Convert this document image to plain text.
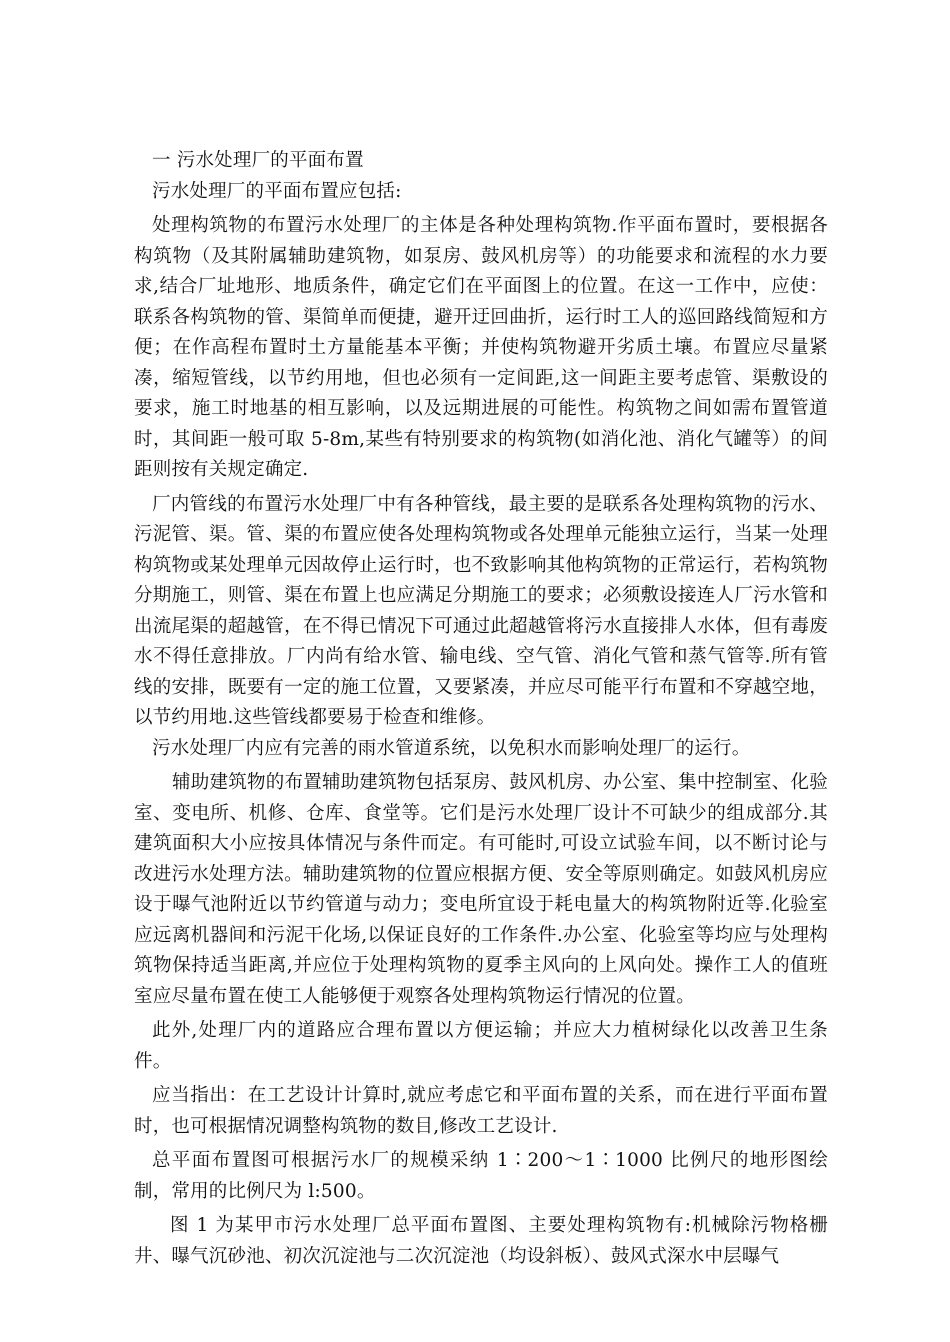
一 污水处理厂的平面布置

污水处理厂的平面布置应包括:

处理构筑物的布置污水处理厂的主体是各种处理构筑物.作平面布置时，要根据各构筑物（及其附属辅助建筑物，如泵房、鼓风机房等）的功能要求和流程的水力要求,结合厂址地形、地质条件，确定它们在平面图上的位置。在这一工作中，应使：联系各构筑物的管、渠简单而便捷，避开迂回曲折，运行时工人的巡回路线简短和方便；在作高程布置时土方量能基本平衡；并使构筑物避开劣质土壤。布置应尽量紧凑，缩短管线，以节约用地，但也必须有一定间距,这一间距主要考虑管、渠敷设的要求，施工时地基的相互影响，以及远期进展的可能性。构筑物之间如需布置管道时，其间距一般可取 5-8m,某些有特别要求的构筑物(如消化池、消化气罐等）的间距则按有关规定确定.

厂内管线的布置污水处理厂中有各种管线，最主要的是联系各处理构筑物的污水、污泥管、渠。管、渠的布置应使各处理构筑物或各处理单元能独立运行，当某一处理构筑物或某处理单元因故停止运行时，也不致影响其他构筑物的正常运行，若构筑物分期施工，则管、渠在布置上也应满足分期施工的要求；必须敷设接连人厂污水管和出流尾渠的超越管，在不得已情况下可通过此超越管将污水直接排人水体，但有毒废水不得任意排放。厂内尚有给水管、输电线、空气管、消化气管和蒸气管等.所有管线的安排，既要有一定的施工位置，又要紧凑，并应尽可能平行布置和不穿越空地，以节约用地.这些管线都要易于检查和维修。

污水处理厂内应有完善的雨水管道系统，以免积水而影响处理厂的运行。

辅助建筑物的布置辅助建筑物包括泵房、鼓风机房、办公室、集中控制室、化验室、变电所、机修、仓库、食堂等。它们是污水处理厂设计不可缺少的组成部分.其建筑面积大小应按具体情况与条件而定。有可能时,可设立试验车间，以不断讨论与改进污水处理方法。辅助建筑物的位置应根据方便、安全等原则确定。如鼓风机房应设于曝气池附近以节约管道与动力；变电所宜设于耗电量大的构筑物附近等.化验室应远离机器间和污泥干化场,以保证良好的工作条件.办公室、化验室等均应与处理构筑物保持适当距离,并应位于处理构筑物的夏季主风向的上风向处。操作工人的值班室应尽量布置在使工人能够便于观察各处理构筑物运行情况的位置。

此外,处理厂内的道路应合理布置以方便运输；并应大力植树绿化以改善卫生条件。

应当指出：在工艺设计计算时,就应考虑它和平面布置的关系，而在进行平面布置时，也可根据情况调整构筑物的数目,修改工艺设计.

总平面布置图可根据污水厂的规模采纳 1∶200～1∶1000 比例尺的地形图绘制，常用的比例尺为 l:500。

图 1 为某甲市污水处理厂总平面布置图、主要处理构筑物有:机械除污物格栅井、曝气沉砂池、初次沉淀池与二次沉淀池（均设斜板）、鼓风式深水中层曝气
